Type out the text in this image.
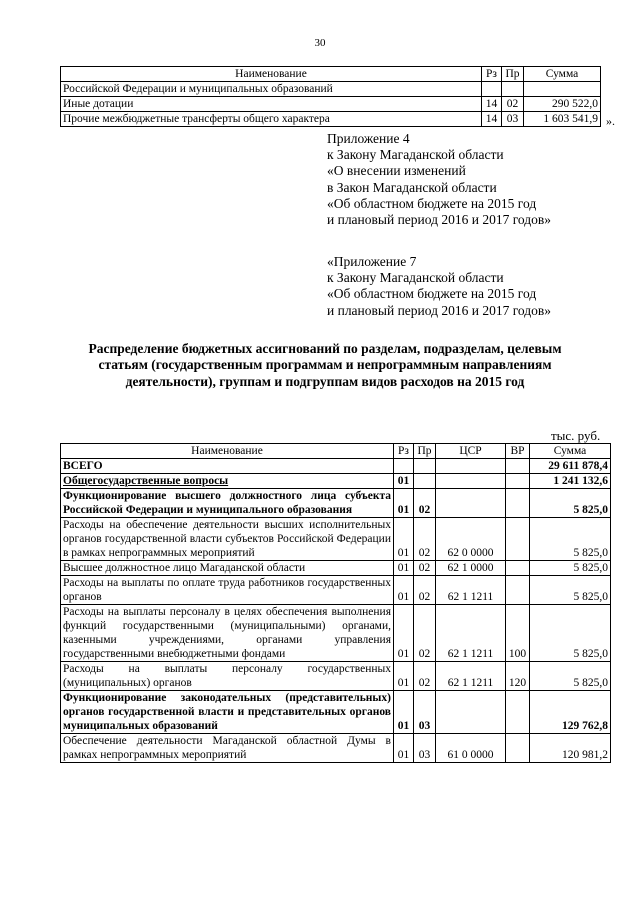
30
Наименование	Рз	Пр	Сумма
Российской Федерации и муниципальных образований			
Иные дотации	14	02	290 522,0
Прочие межбюджетные трансферты общего характера	14	03	1 603 541,9 ».
Приложение 4
к Закону Магаданской области
«О внесении изменений
в Закон Магаданской области
«Об областном бюджете на 2015 год
и плановый период 2016 и 2017 годов»
«Приложение 7
к Закону Магаданской области
«Об областном бюджете на 2015 год
и плановый период 2016 и 2017 годов»
Распределение бюджетных ассигнований по разделам, подразделам, целевым статьям (государственным программам и непрограммным направлениям деятельности), группам и подгруппам видов расходов на 2015 год
тыс. руб.
Наименование	Рз	Пр	ЦСР	ВР	Сумма
ВСЕГО					29 611 878,4
Общегосударственные вопросы	01				1 241 132,6
Функционирование высшего должностного лица субъекта Российской Федерации и муниципального образования	01	02			5 825,0
Расходы на обеспечение деятельности высших исполнительных органов государственной власти субъектов Российской Федерации в рамках непрограммных мероприятий	01	02	62 0 0000		5 825,0
Высшее должностное лицо Магаданской области	01	02	62 1 0000		5 825,0
Расходы на выплаты по оплате труда работников государственных органов	01	02	62 1 1211		5 825,0
Расходы на выплаты персоналу в целях обеспечения выполнения функций государственными (муниципальными) органами, казенными учреждениями, органами управления государственными внебюджетными фондами	01	02	62 1 1211	100	5 825,0
Расходы на выплаты персоналу государственных (муниципальных) органов	01	02	62 1 1211	120	5 825,0
Функционирование законодательных (представительных) органов государственной власти и представительных органов муниципальных образований	01	03			129 762,8
Обеспечение деятельности Магаданской областной Думы в рамках непрограммных мероприятий	01	03	61 0 0000		120 981,2
